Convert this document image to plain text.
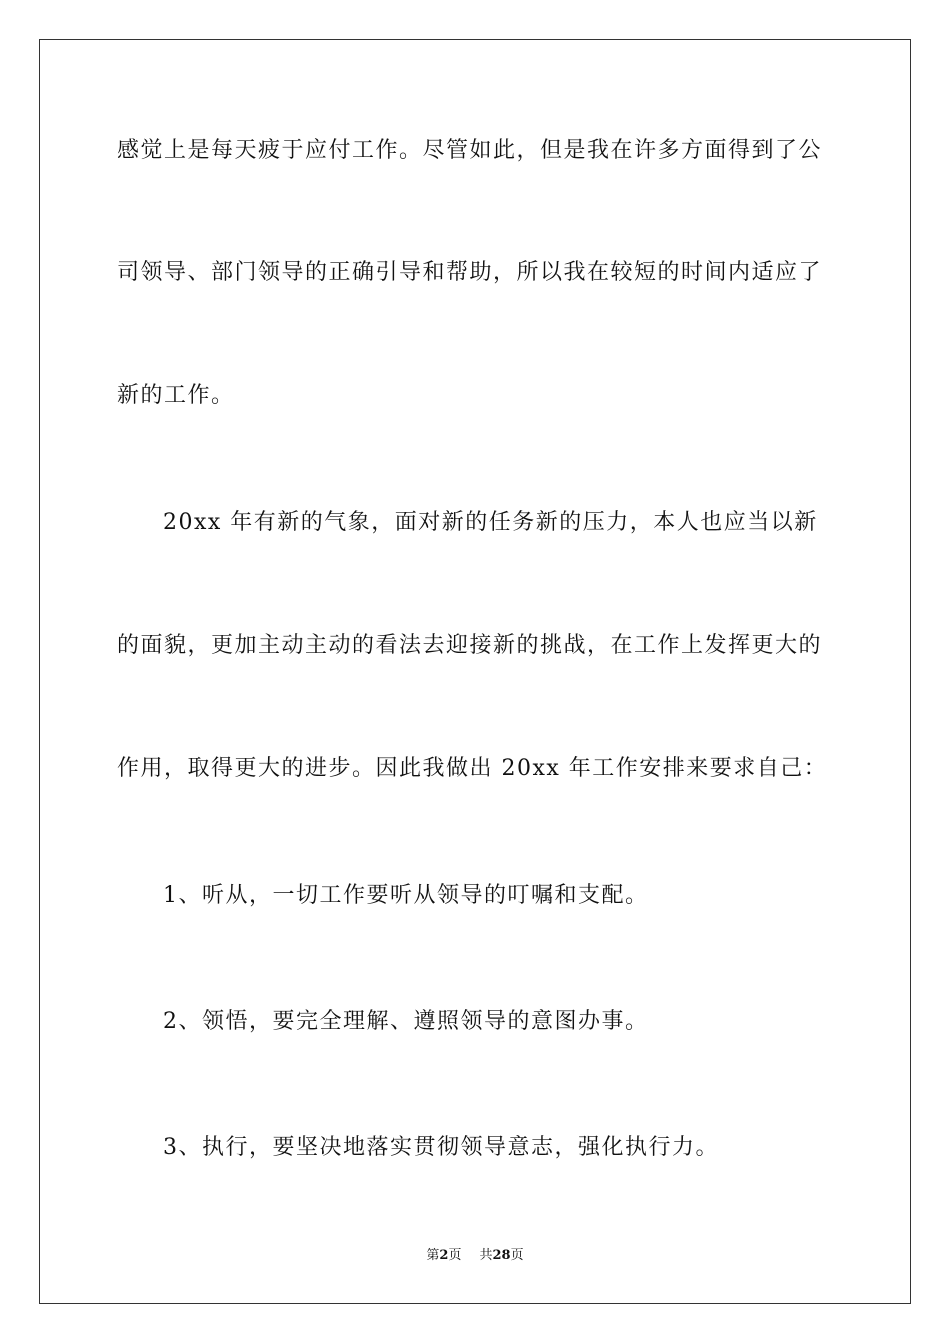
感觉上是每天疲于应付工作。尽管如此，但是我在许多方面得到了公
司领导、部门领导的正确引导和帮助，所以我在较短的时间内适应了
新的工作。
20xx 年有新的气象，面对新的任务新的压力，本人也应当以新
的面貌，更加主动主动的看法去迎接新的挑战，在工作上发挥更大的
作用，取得更大的进步。因此我做出 20xx 年工作安排来要求自己：
1、听从，一切工作要听从领导的叮嘱和支配。
2、领悟，要完全理解、遵照领导的意图办事。
3、执行，要坚决地落实贯彻领导意志，强化执行力。
第2页 共28页
